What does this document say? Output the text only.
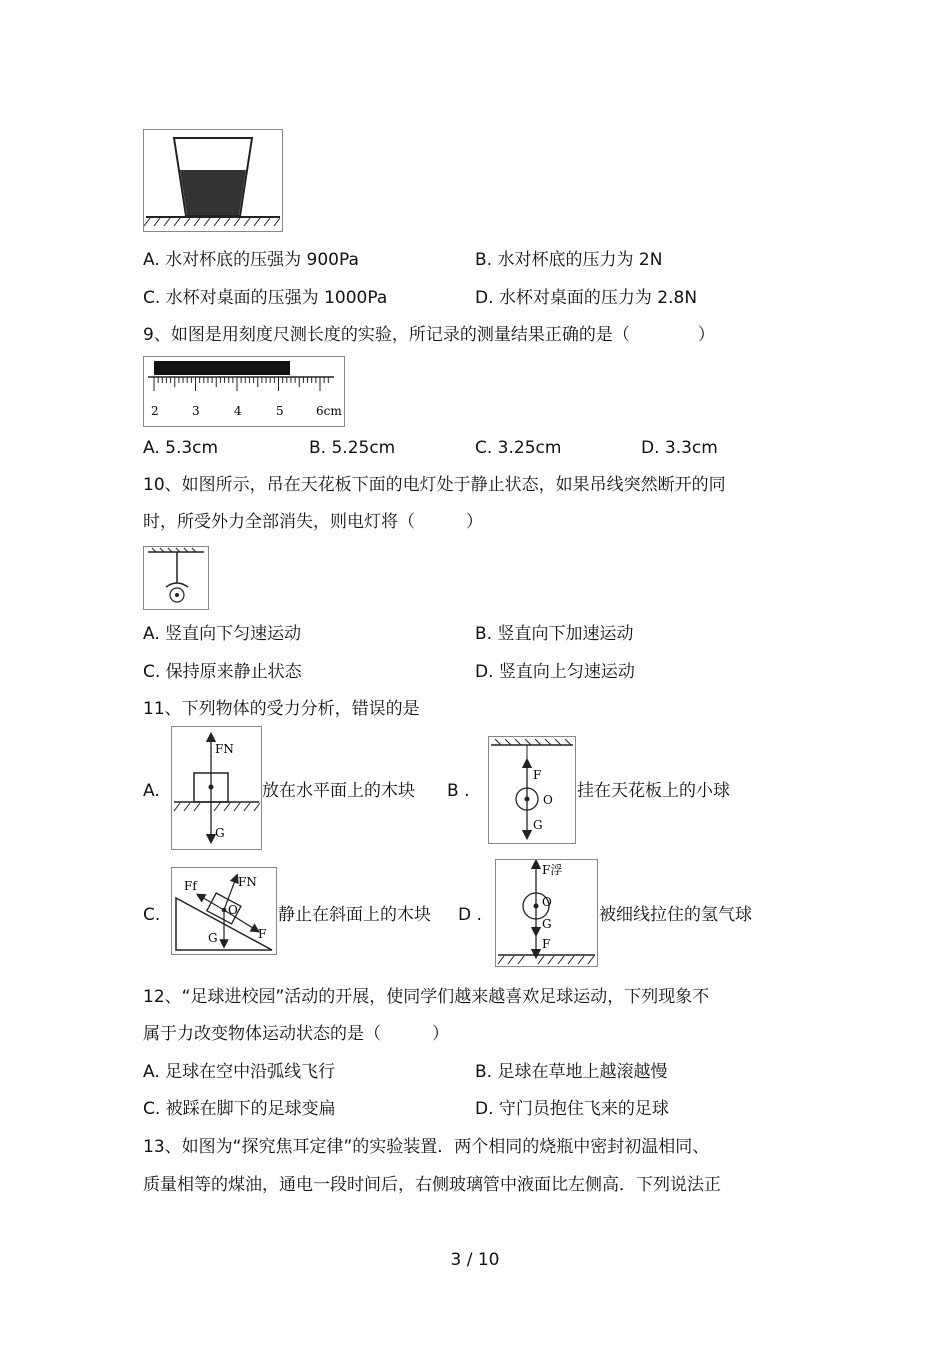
A. 水对杯底的压强为 900Pa	B. 水对杯底的压力为 2N
C. 水杯对桌面的压强为 1000Pa	D. 水杯对桌面的压力为 2.8N
9、如图是用刻度尺测长度的实验，所记录的测量结果正确的是（　　　　）
2	3	4	5	6cm
A. 5.3cm	B. 5.25cm	C. 3.25cm	D. 3.3cm
10、如图所示，吊在天花板下面的电灯处于静止状态，如果吊线突然断开的同
时，所受外力全部消失，则电灯将（　　　）
A. 竖直向下匀速运动	B. 竖直向下加速运动
C. 保持原来静止状态	D. 竖直向上匀速运动
11、下列物体的受力分析，错误的是
A.
FN
G
放在水平面上的木块 B .
F
O
G
挂在天花板上的小球
C.
Ff	FN
O
G	F
静止在斜面上的木块 D .
F浮
O
G
F
被细线拉住的氢气球
12、“足球进校园”活动的开展，使同学们越来越喜欢足球运动，下列现象不
属于力改变物体运动状态的是（　　　）
A. 足球在空中沿弧线飞行	B. 足球在草地上越滚越慢
C. 被踩在脚下的足球变扁	D. 守门员抱住飞来的足球
13、如图为“探究焦耳定律”的实验装置．两个相同的烧瓶中密封初温相同、
质量相等的煤油，通电一段时间后，右侧玻璃管中液面比左侧高．下列说法正
3 / 10
